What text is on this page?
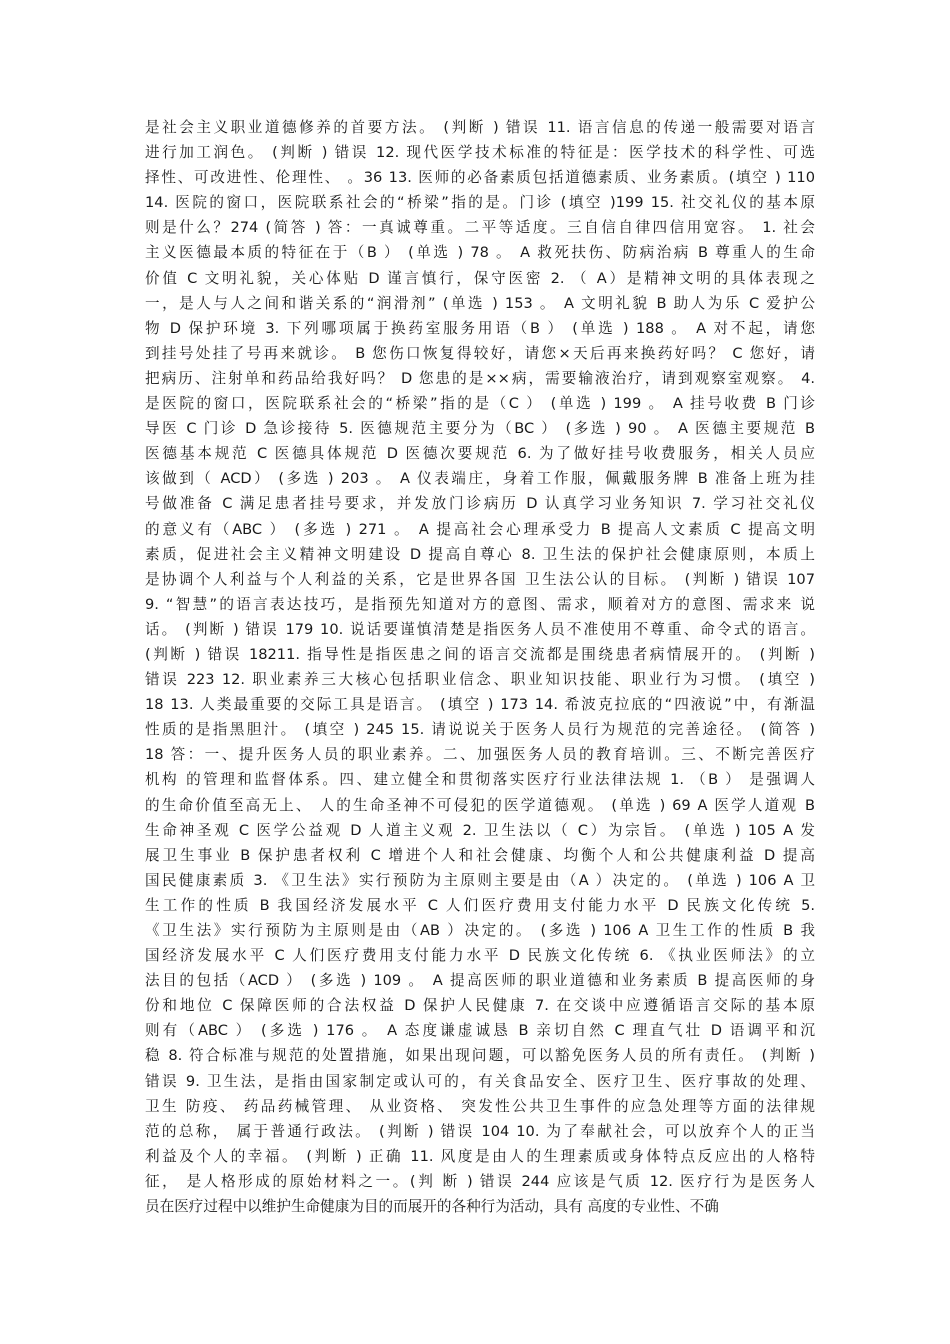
是社会主义职业道德修养的首要方法。 (判断 ) 错误 11. 语言信息的传递一般需要对语言
进行加工润色。 (判断 ) 错误 12. 现代医学技术标准的特征是：医学技术的科学性、可选
择性、可改进性、伦理性、 。36 13. 医师的必备素质包括道德素质、业务素质。(填空 ) 110
14. 医院的窗口，医院联系社会的“桥梁”指的是。门诊 (填空 )199 15. 社交礼仪的基本原
则是什么？274 (简答 ) 答：一真诚尊重。二平等适度。三自信自律四信用宽容。 1. 社会
主义医德最本质的特征在于（B ） (单选 ) 78 。 A 救死扶伤、防病治病 B 尊重人的生命
价值 C 文明礼貌，关心体贴 D 谨言慎行，保守医密 2. （ A）是精神文明的具体表现之
一，是人与人之间和谐关系的“润滑剂” (单选 ) 153 。 A 文明礼貌 B 助人为乐 C 爱护公
物 D 保护环境 3. 下列哪项属于换药室服务用语（B ） (单选 ) 188 。 A 对不起，请您
到挂号处挂了号再来就诊。 B 您伤口恢复得较好，请您×天后再来换药好吗？ C 您好，请
把病历、注射单和药品给我好吗？ D 您患的是××病，需要输液治疗，请到观察室观察。 4.
是医院的窗口，医院联系社会的“桥梁”指的是（C ） (单选 ) 199 。 A 挂号收费 B 门诊
导医 C 门诊 D 急诊接待 5. 医德规范主要分为（BC ） (多选 ) 90 。 A 医德主要规范 B
医德基本规范 C 医德具体规范 D 医德次要规范 6. 为了做好挂号收费服务，相关人员应
该做到（ ACD） (多选 ) 203 。 A 仪表端庄，身着工作服，佩戴服务牌 B 准备上班为挂
号做准备 C 满足患者挂号要求，并发放门诊病历 D 认真学习业务知识 7. 学习社交礼仪
的意义有（ABC ） (多选 ) 271 。 A 提高社会心理承受力 B 提高人文素质 C 提高文明
素质，促进社会主义精神文明建设 D 提高自尊心 8. 卫生法的保护社会健康原则，本质上
是协调个人利益与个人利益的关系，它是世界各国 卫生法公认的目标。 (判断 ) 错误 107
9. “智慧”的语言表达技巧，是指预先知道对方的意图、需求，顺着对方的意图、需求来 说
话。 (判断 ) 错误 179 10. 说话要谨慎清楚是指医务人员不准使用不尊重、命令式的语言。
(判断 ) 错误 18211. 指导性是指医患之间的语言交流都是围绕患者病情展开的。 (判断 )
错误 223 12. 职业素养三大核心包括职业信念、职业知识技能、职业行为习惯。 (填空 )
18 13. 人类最重要的交际工具是语言。 (填空 ) 173 14. 希波克拉底的“四液说”中，有渐温
性质的是指黑胆汁。 (填空 ) 245 15. 请说说关于医务人员行为规范的完善途径。 (简答 )
18 答：一、提升医务人员的职业素养。二、加强医务人员的教育培训。三、不断完善医疗
机构 的管理和监督体系。四、建立健全和贯彻落实医疗行业法律法规 1. （B ） 是强调人
的生命价值至高无上、 人的生命圣神不可侵犯的医学道德观。 (单选 ) 69 A 医学人道观 B
生命神圣观 C 医学公益观 D 人道主义观 2. 卫生法以（ C）为宗旨。 (单选 ) 105 A 发
展卫生事业 B 保护患者权利 C 增进个人和社会健康、均衡个人和公共健康利益 D 提高
国民健康素质 3. 《卫生法》实行预防为主原则主要是由（A ）决定的。 (单选 ) 106 A 卫
生工作的性质 B 我国经济发展水平 C 人们医疗费用支付能力水平 D 民族文化传统 5.
《卫生法》实行预防为主原则是由（AB ）决定的。 (多选 ) 106 A 卫生工作的性质 B 我
国经济发展水平 C 人们医疗费用支付能力水平 D 民族文化传统 6. 《执业医师法》的立
法目的包括（ACD ） (多选 ) 109 。 A 提高医师的职业道德和业务素质 B 提高医师的身
份和地位 C 保障医师的合法权益 D 保护人民健康 7. 在交谈中应遵循语言交际的基本原
则有（ABC ） (多选 ) 176 。 A 态度谦虚诚恳 B 亲切自然 C 理直气壮 D 语调平和沉
稳 8. 符合标准与规范的处置措施，如果出现问题，可以豁免医务人员的所有责任。 (判断 )
错误 9. 卫生法，是指由国家制定或认可的，有关食品安全、医疗卫生、医疗事故的处理、
卫生 防疫、 药品药械管理、 从业资格、 突发性公共卫生事件的应急处理等方面的法律规
范的总称， 属于普通行政法。 (判断 ) 错误 104 10. 为了奉献社会，可以放弃个人的正当
利益及个人的幸福。 (判断 ) 正确 11. 风度是由人的生理素质或身体特点反应出的人格特
征， 是人格形成的原始材料之一。(判 断 ) 错误 244 应该是气质 12. 医疗行为是医务人
员在医疗过程中以维护生命健康为目的而展开的各种行为活动，具有 高度的专业性、不确
